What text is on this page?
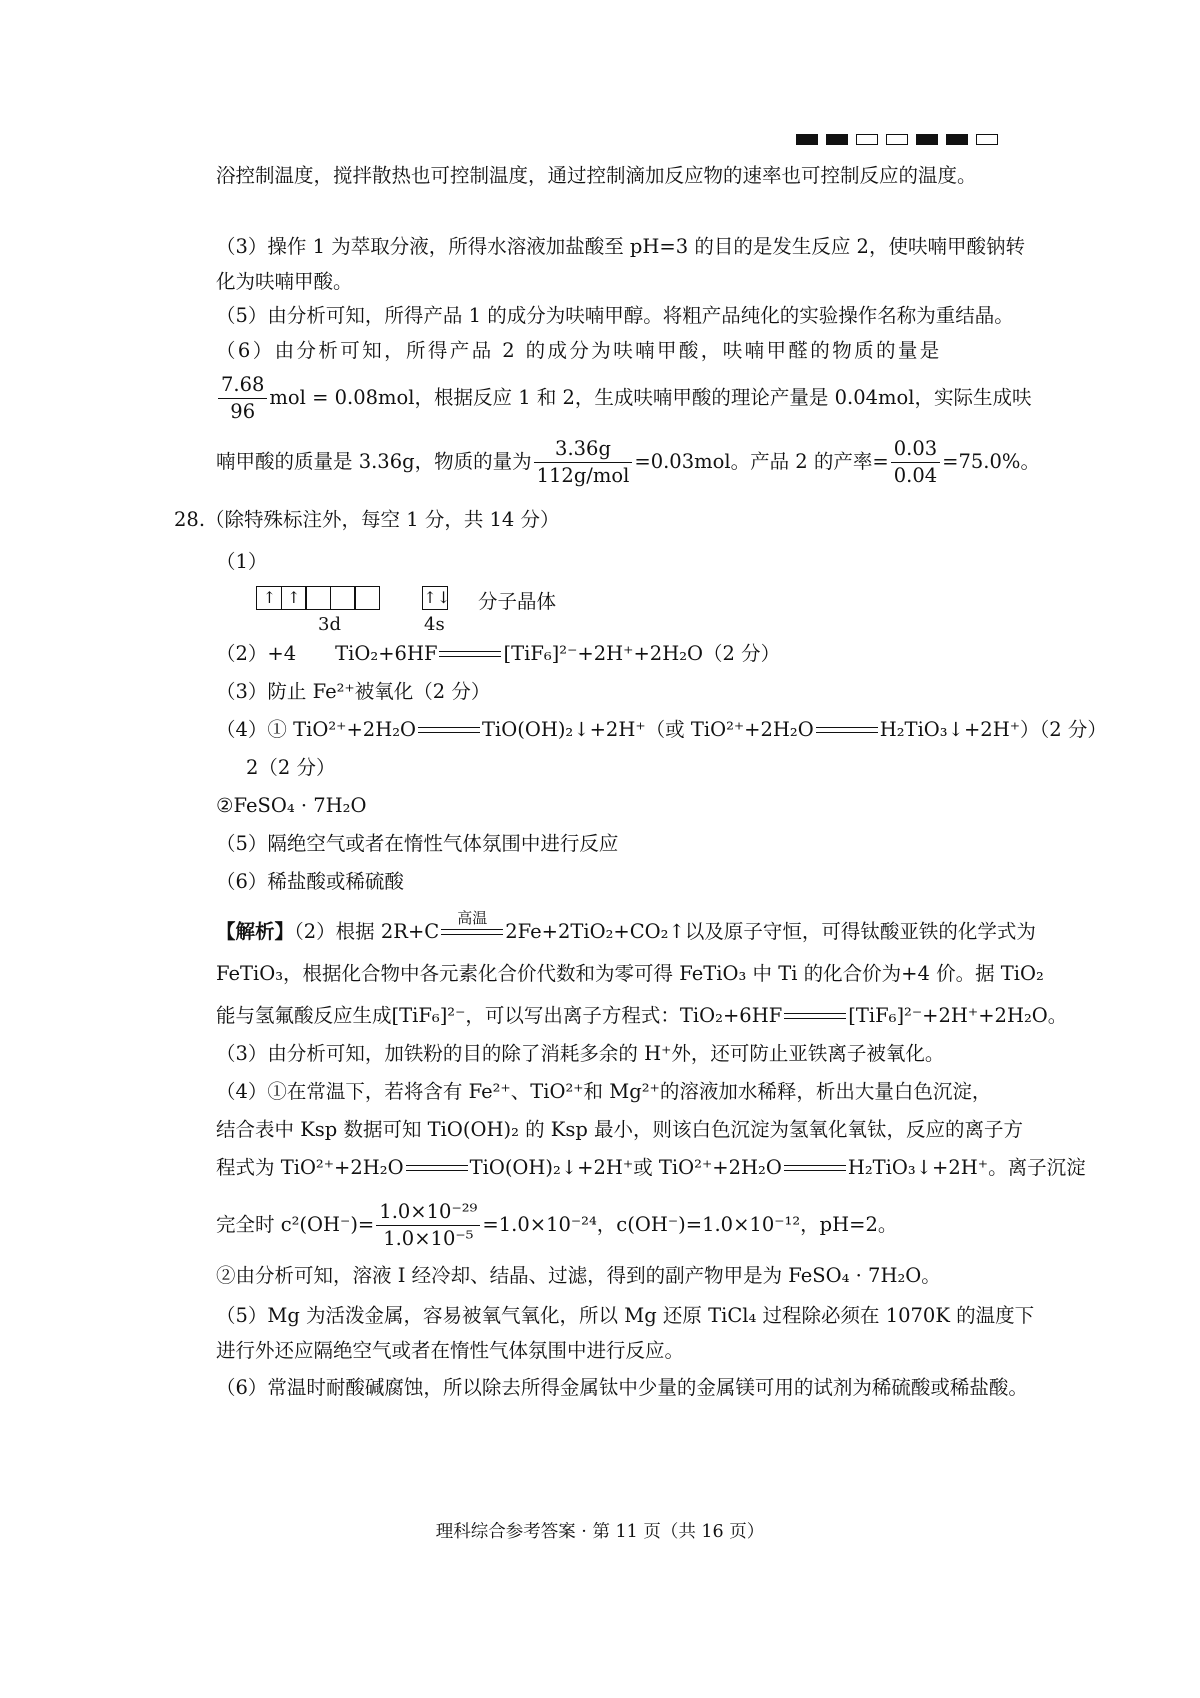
浴控制温度，搅拌散热也可控制温度，通过控制滴加反应物的速率也可控制反应的温度。
（3）操作 1 为萃取分液，所得水溶液加盐酸至 pH=3 的目的是发生反应 2，使呋喃甲酸钠转化为呋喃甲酸。
（5）由分析可知，所得产品 1 的成分为呋喃甲醇。将粗产品纯化的实验操作名称为重结晶。
（6）由分析可知，所得产品 2 的成分为呋喃甲酸，呋喃甲醛的物质的量是
$\frac{7.68}{96}$ mol = 0.08mol，根据反应 1 和 2，生成呋喃甲酸的理论产量是 0.04mol，实际生成呋
喃甲酸的质量是 3.36g，物质的量为 $\frac{3.36g}{\text{112g/mol}} =0.03mol$。产品 2 的产率= $\frac{0.03}{0.04} =75.0\%$。
28.（除特殊标注外，每空 1 分，共 14 分）
（1）
↑ ↑	↑↓
3d	4s
分子晶体
（2）+4　　TiO₂+6HF	[TiF₆]²⁻+2H⁺+2H₂O（2 分）
（3）防止 Fe²⁺被氧化（2 分）
（4）① TiO²⁺+2H₂O	TiO(OH)₂↓+2H⁺（或 TiO²⁺+2H₂O	H₂TiO₃↓+2H⁺）（2 分）
2（2 分）
②FeSO₄ · 7H₂O
（5）隔绝空气或者在惰性气体氛围中进行反应
（6）稀盐酸或稀硫酸
【解析】（2）根据 2R+C
高温
2Fe+2TiO₂+CO₂↑以及原子守恒，可得钛酸亚铁的化学式为
FeTiO₃，根据化合物中各元素化合价代数和为零可得 FeTiO₃ 中 Ti 的化合价为+4 价。据 TiO₂
能与氢氟酸反应生成[TiF₆]²⁻，可以写出离子方程式：TiO₂+6HF	[TiF₆]²⁻+2H⁺+2H₂O。
（3）由分析可知，加铁粉的目的除了消耗多余的 H⁺外，还可防止亚铁离子被氧化。
（4）①在常温下，若将含有 Fe²⁺、TiO²⁺和 Mg²⁺的溶液加水稀释，析出大量白色沉淀，
结合表中 Ksp 数据可知 TiO(OH)₂ 的 Ksp 最小，则该白色沉淀为氢氧化氧钛，反应的离子方
程式为 TiO²⁺+2H₂O	TiO(OH)₂↓+2H⁺或 TiO²⁺+2H₂O	H₂TiO₃↓+2H⁺。离子沉淀
完全时 $c^2(OH^-)= \frac{\text{1.0×10⁻²⁹}}{\text{1.0×10⁻⁵}} =1.0\times 10^{-24}$，c(OH⁻)=1.0×10⁻¹²，pH=2。
②由分析可知，溶液 I 经冷却、结晶、过滤，得到的副产物甲是为 FeSO₄ · 7H₂O。
（5）Mg 为活泼金属，容易被氧气氧化，所以 Mg 还原 TiCl₄ 过程除必须在 1070K 的温度下进行外还应隔绝空气或者在惰性气体氛围中进行反应。
（6）常温时耐酸碱腐蚀，所以除去所得金属钛中少量的金属镁可用的试剂为稀硫酸或稀盐酸。
理科综合参考答案 · 第 11 页（共 16 页）
